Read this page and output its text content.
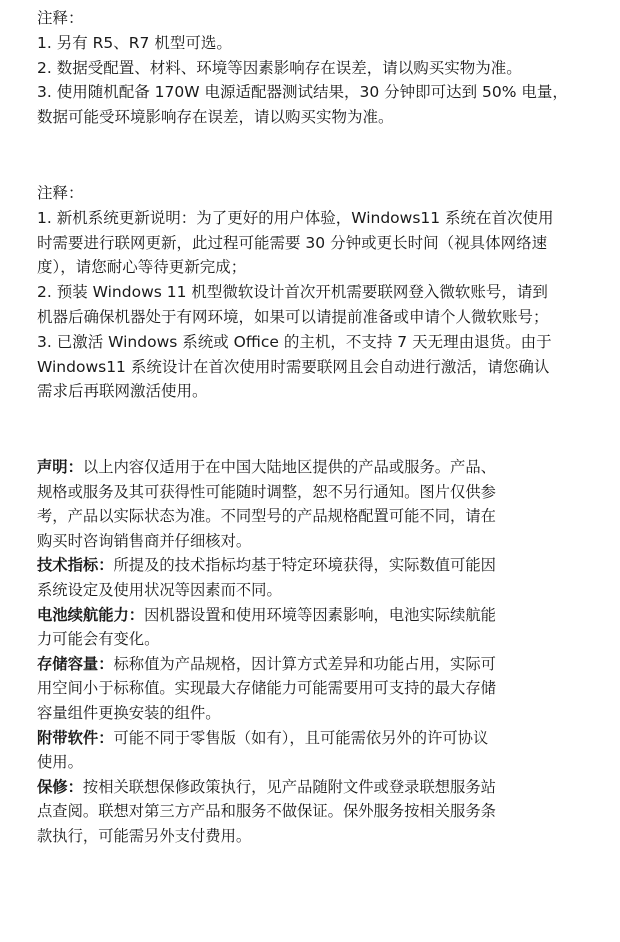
注释：
1. 另有 R5、R7 机型可选。
2. 数据受配置、材料、环境等因素影响存在误差，请以购买实物为准。
3. 使用随机配备 170W 电源适配器测试结果，30 分钟即可达到 50% 电量，
数据可能受环境影响存在误差，请以购买实物为准。
注释：
1. 新机系统更新说明：为了更好的用户体验，Windows11 系统在首次使用
时需要进行联网更新，此过程可能需要 30 分钟或更长时间（视具体网络速
度），请您耐心等待更新完成；
2. 预装 Windows 11 机型微软设计首次开机需要联网登入微软账号，请到
机器后确保机器处于有网环境，如果可以请提前准备或申请个人微软账号；
3. 已激活 Windows 系统或 Office 的主机，不支持 7 天无理由退货。由于
Windows11 系统设计在首次使用时需要联网且会自动进行激活，请您确认
需求后再联网激活使用。
声明：以上内容仅适用于在中国大陆地区提供的产品或服务。产品、
规格或服务及其可获得性可能随时调整，恕不另行通知。图片仅供参
考，产品以实际状态为准。不同型号的产品规格配置可能不同，请在
购买时咨询销售商并仔细核对。
技术指标：所提及的技术指标均基于特定环境获得，实际数值可能因
系统设定及使用状况等因素而不同。
电池续航能力：因机器设置和使用环境等因素影响，电池实际续航能
力可能会有变化。
存储容量：标称值为产品规格，因计算方式差异和功能占用，实际可
用空间小于标称值。实现最大存储能力可能需要用可支持的最大存储
容量组件更换安装的组件。
附带软件：可能不同于零售版（如有），且可能需依另外的许可协议
使用。
保修：按相关联想保修政策执行，见产品随附文件或登录联想服务站
点查阅。联想对第三方产品和服务不做保证。保外服务按相关服务条
款执行，可能需另外支付费用。
